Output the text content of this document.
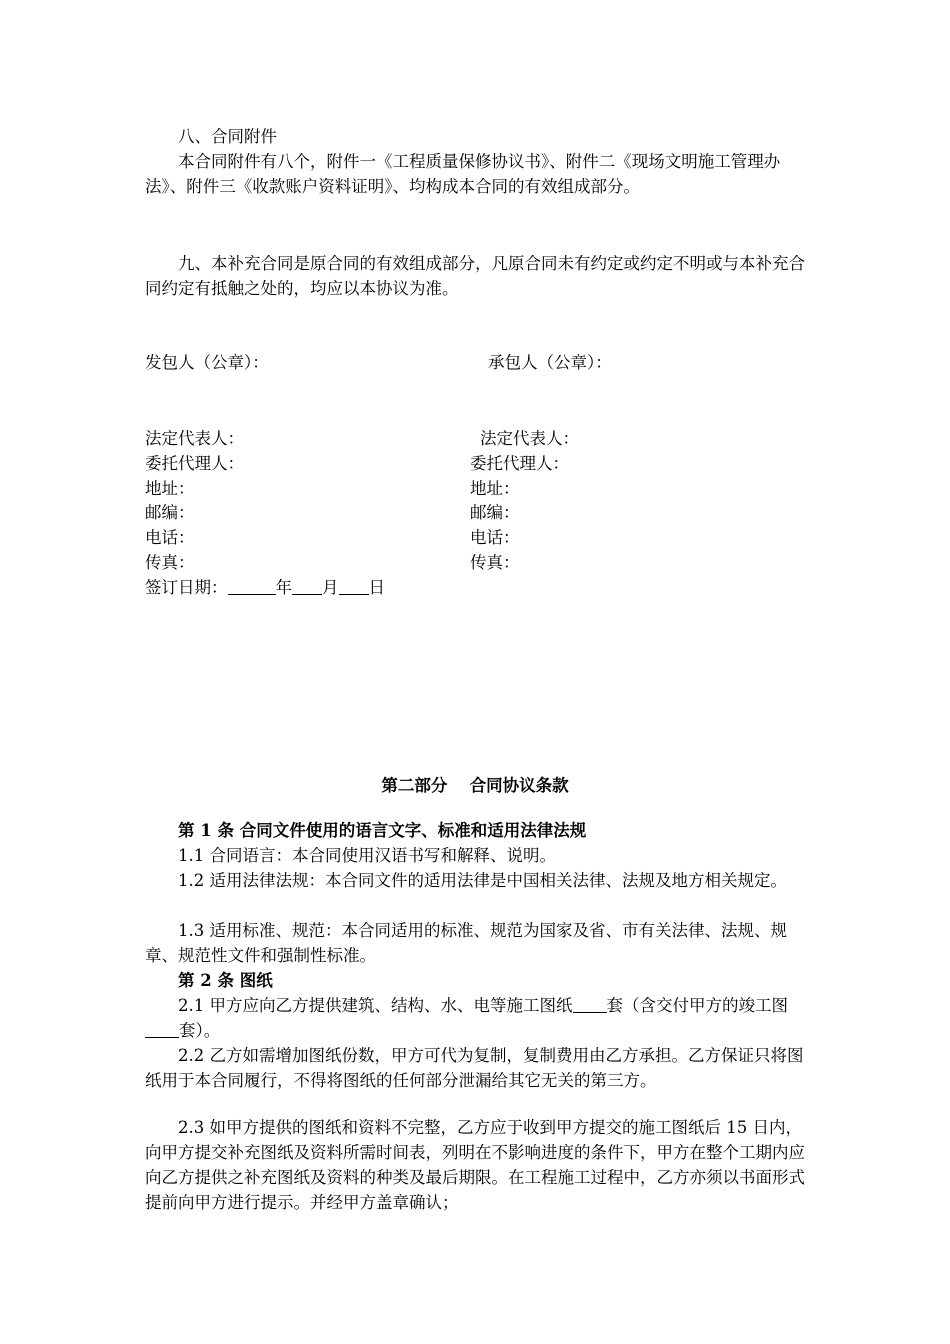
八、合同附件
本合同附件有八个，附件一《工程质量保修协议书》、附件二《现场文明施工管理办法》、附件三《收款账户资料证明》、均构成本合同的有效组成部分。
九、本补充合同是原合同的有效组成部分，凡原合同未有约定或约定不明或与本补充合同约定有抵触之处的，均应以本协议为准。
发包人（公章）：	承包人（公章）：
法定代表人：
委托代理人：
地址：
邮编：
电话：
传真：
法定代表人：
委托代理人：
地址：
邮编：
电话：
传真：
签订日期：	年 月 日
第二部分　 合同协议条款
第 1 条 合同文件使用的语言文字、标准和适用法律法规
1.1 合同语言：本合同使用汉语书写和解释、说明。
1.2 适用法律法规：本合同文件的适用法律是中国相关法律、法规及地方相关规定。
1.3 适用标准、规范：本合同适用的标准、规范为国家及省、市有关法律、法规、规章、规范性文件和强制性标准。
第 2 条 图纸
2.1 甲方应向乙方提供建筑、结构、水、电等施工图纸 套（含交付甲方的竣工图套）。
2.2 乙方如需增加图纸份数，甲方可代为复制，复制费用由乙方承担。乙方保证只将图纸用于本合同履行，不得将图纸的任何部分泄漏给其它无关的第三方。
2.3 如甲方提供的图纸和资料不完整，乙方应于收到甲方提交的施工图纸后 15 日内，向甲方提交补充图纸及资料所需时间表，列明在不影响进度的条件下，甲方在整个工期内应向乙方提供之补充图纸及资料的种类及最后期限。在工程施工过程中，乙方亦须以书面形式提前向甲方进行提示。并经甲方盖章确认；
